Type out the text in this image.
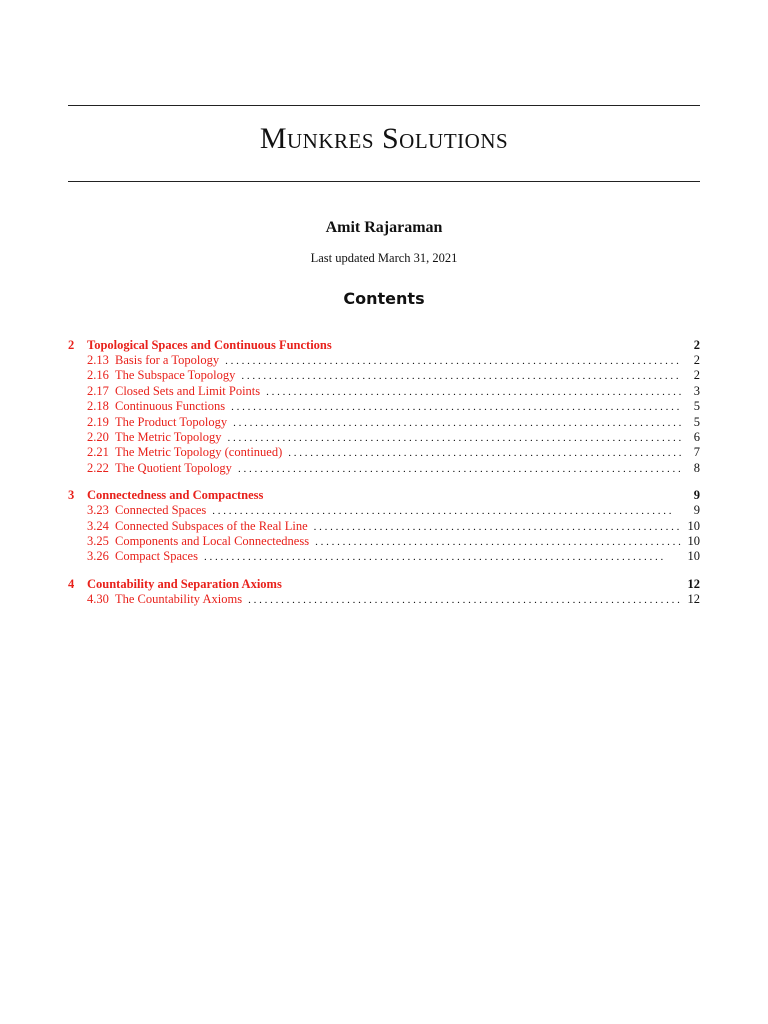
Munkres Solutions
Amit Rajaraman
Last updated March 31, 2021
Contents
2	Topological Spaces and Continuous Functions	2
2.13 Basis for a Topology . . .	2
2.16 The Subspace Topology . . .	2
2.17 Closed Sets and Limit Points . . .	3
2.18 Continuous Functions . . .	5
2.19 The Product Topology . . .	5
2.20 The Metric Topology . . .	6
2.21 The Metric Topology (continued) . . .	7
2.22 The Quotient Topology . . .	8
3	Connectedness and Compactness	9
3.23 Connected Spaces . . .	9
3.24 Connected Subspaces of the Real Line . . .	10
3.25 Components and Local Connectedness . . .	10
3.26 Compact Spaces . . .	10
4	Countability and Separation Axioms	12
4.30 The Countability Axioms . . .	12
